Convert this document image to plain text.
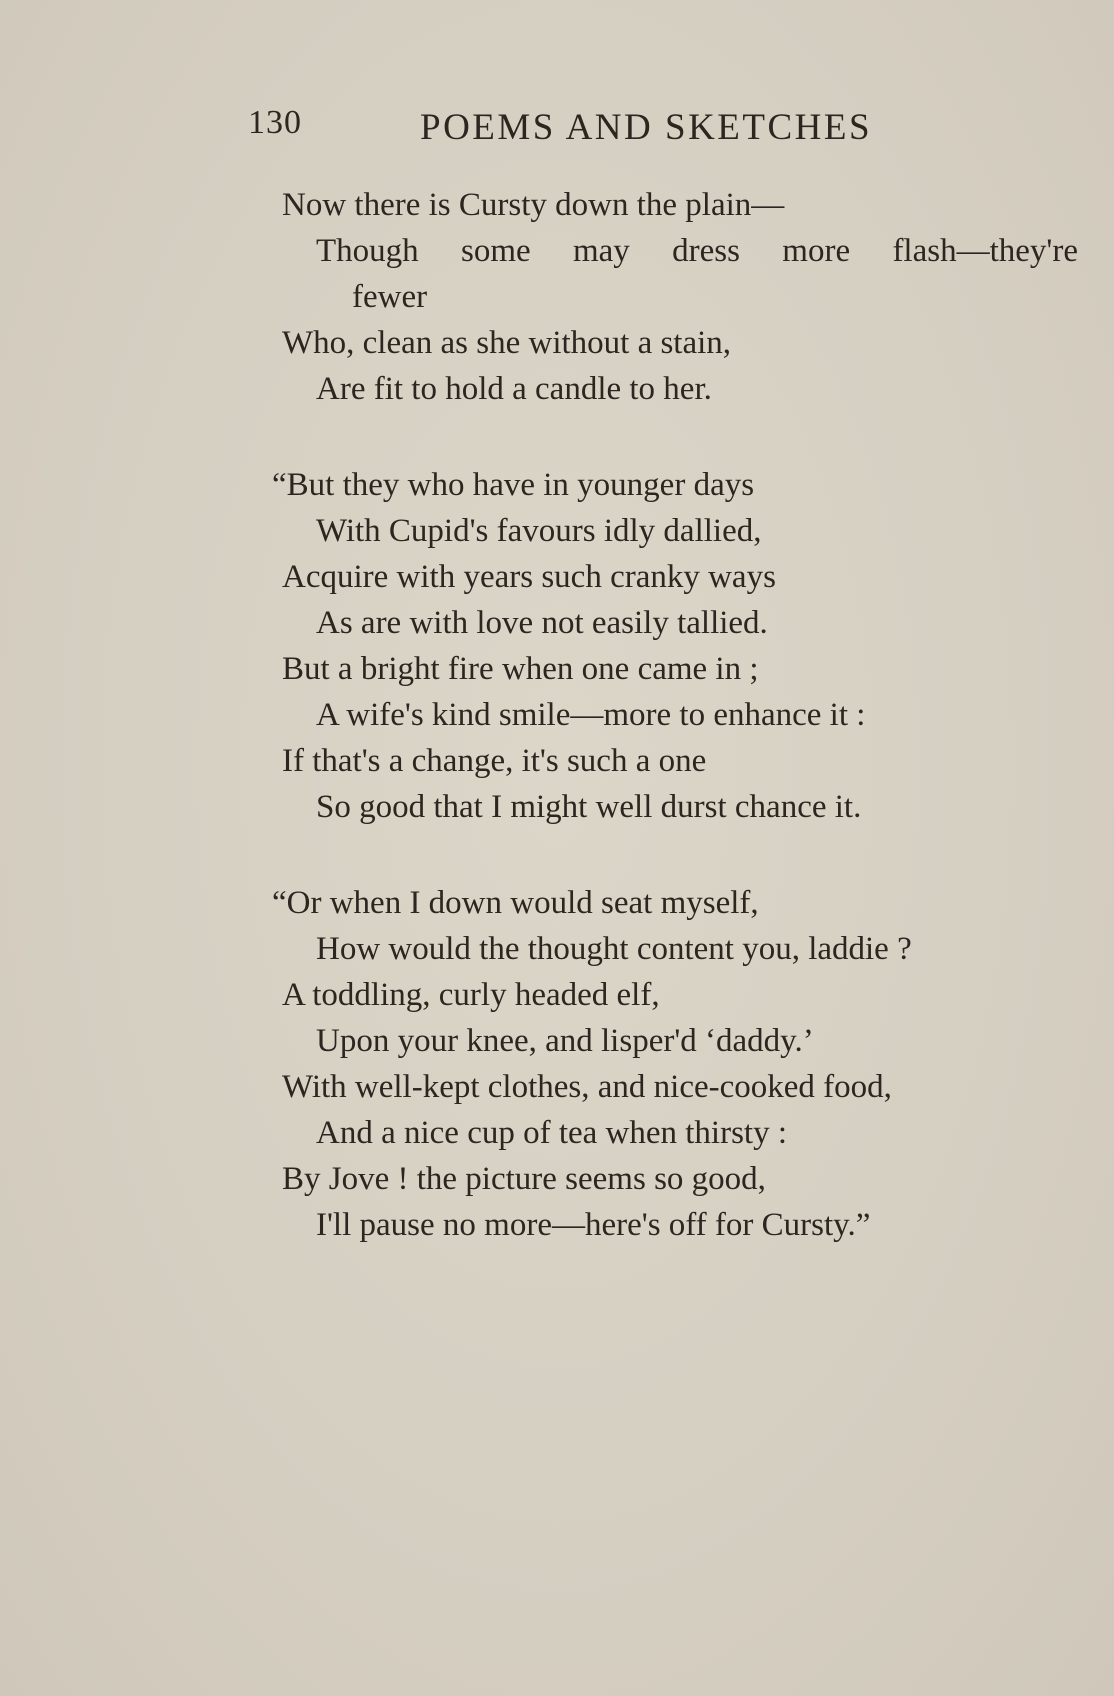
130	POEMS AND SKETCHES
Now there is Cursty down the plain—
Though some may dress more flash—they're
fewer
Who, clean as she without a stain,
Are fit to hold a candle to her.
“But they who have in younger days
With Cupid's favours idly dallied,
Acquire with years such cranky ways
As are with love not easily tallied.
But a bright fire when one came in ;
A wife's kind smile—more to enhance it :
If that's a change, it's such a one
So good that I might well durst chance it.
“Or when I down would seat myself,
How would the thought content you, laddie ?
A toddling, curly headed elf,
Upon your knee, and lisper'd ‘daddy.’
With well-kept clothes, and nice-cooked food,
And a nice cup of tea when thirsty :
By Jove ! the picture seems so good,
I'll pause no more—here's off for Cursty.”
